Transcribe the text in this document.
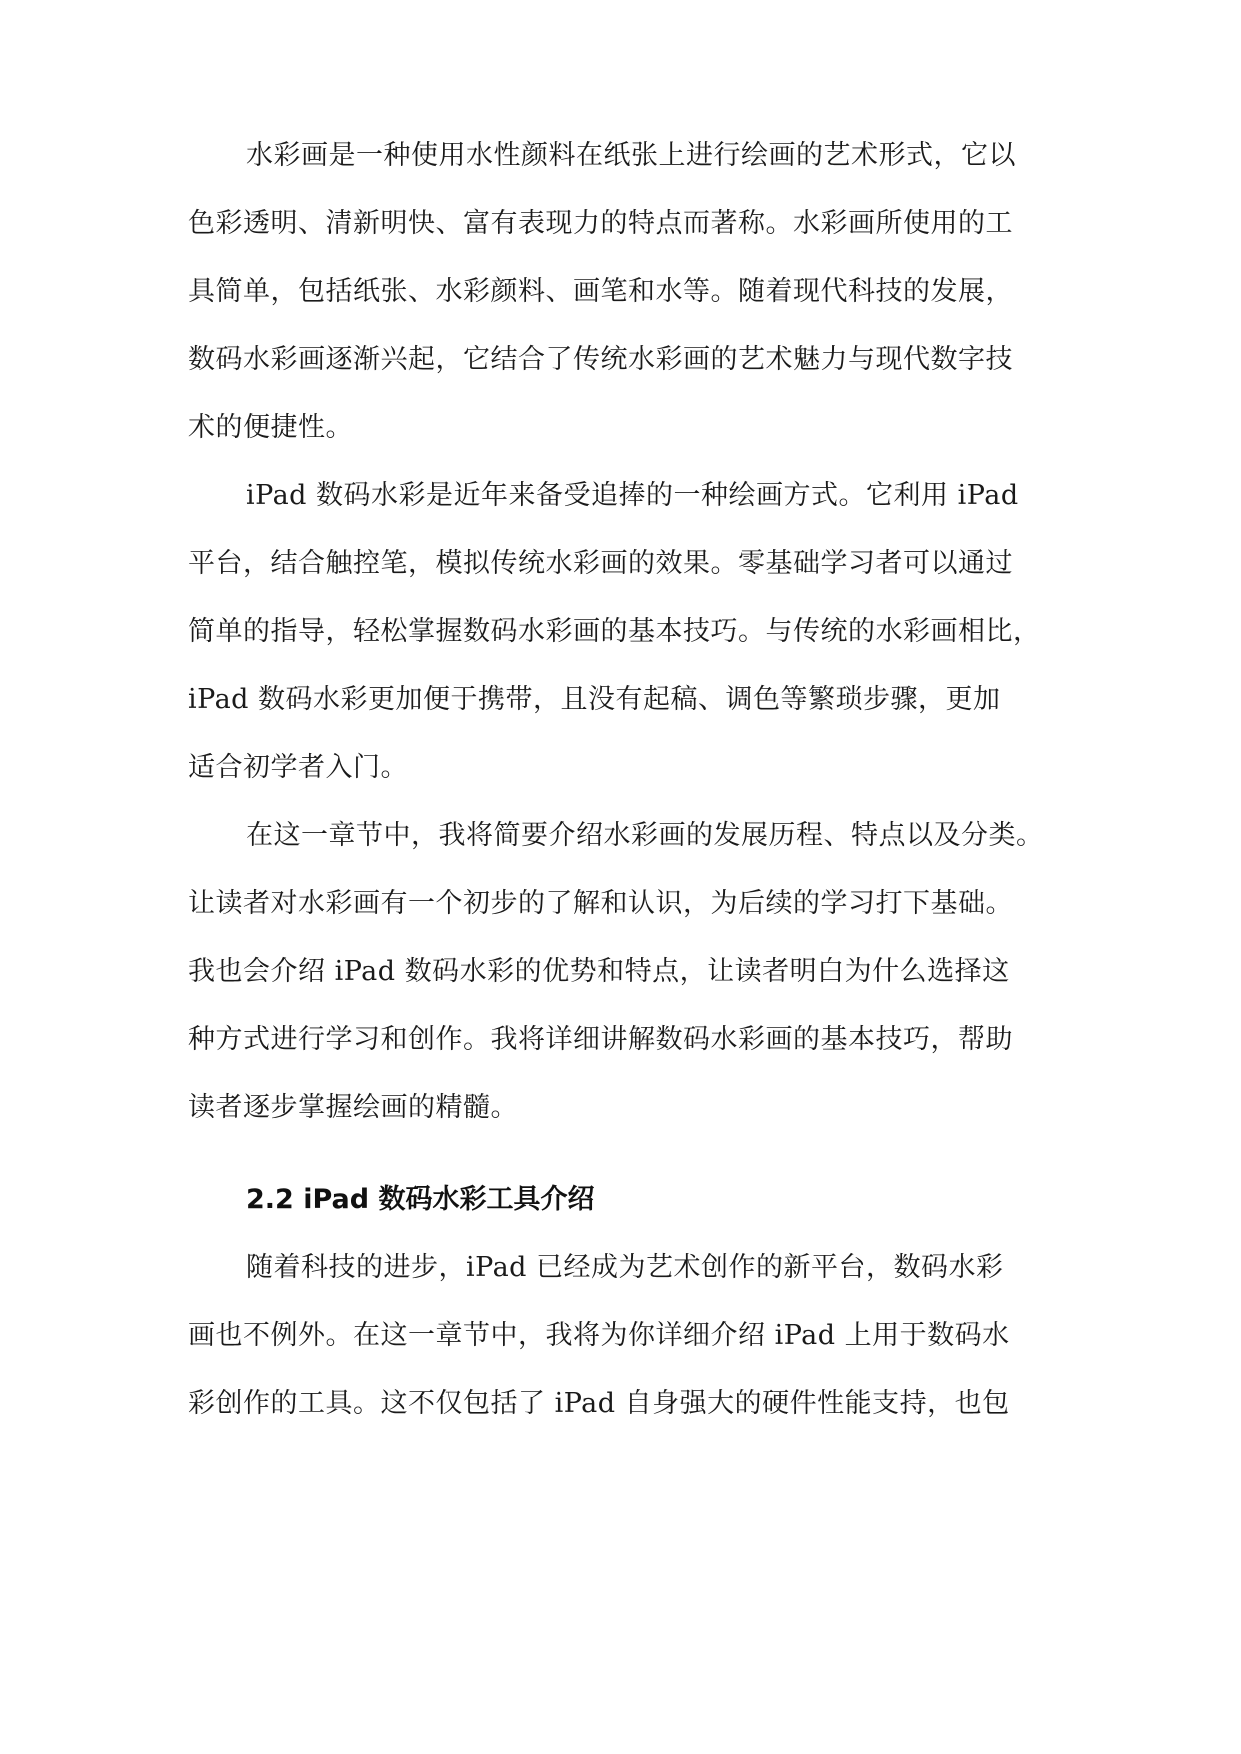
水彩画是一种使用水性颜料在纸张上进行绘画的艺术形式，它以
色彩透明、清新明快、富有表现力的特点而著称。水彩画所使用的工
具简单，包括纸张、水彩颜料、画笔和水等。随着现代科技的发展，
数码水彩画逐渐兴起，它结合了传统水彩画的艺术魅力与现代数字技
术的便捷性。
iPad 数码水彩是近年来备受追捧的一种绘画方式。它利用 iPad
平台，结合触控笔，模拟传统水彩画的效果。零基础学习者可以通过
简单的指导，轻松掌握数码水彩画的基本技巧。与传统的水彩画相比，
iPad 数码水彩更加便于携带，且没有起稿、调色等繁琐步骤，更加
适合初学者入门。
在这一章节中，我将简要介绍水彩画的发展历程、特点以及分类。
让读者对水彩画有一个初步的了解和认识，为后续的学习打下基础。
我也会介绍 iPad 数码水彩的优势和特点，让读者明白为什么选择这
种方式进行学习和创作。我将详细讲解数码水彩画的基本技巧，帮助
读者逐步掌握绘画的精髓。
2.2 iPad 数码水彩工具介绍
随着科技的进步，iPad 已经成为艺术创作的新平台，数码水彩
画也不例外。在这一章节中，我将为你详细介绍 iPad 上用于数码水
彩创作的工具。这不仅包括了 iPad 自身强大的硬件性能支持，也包
